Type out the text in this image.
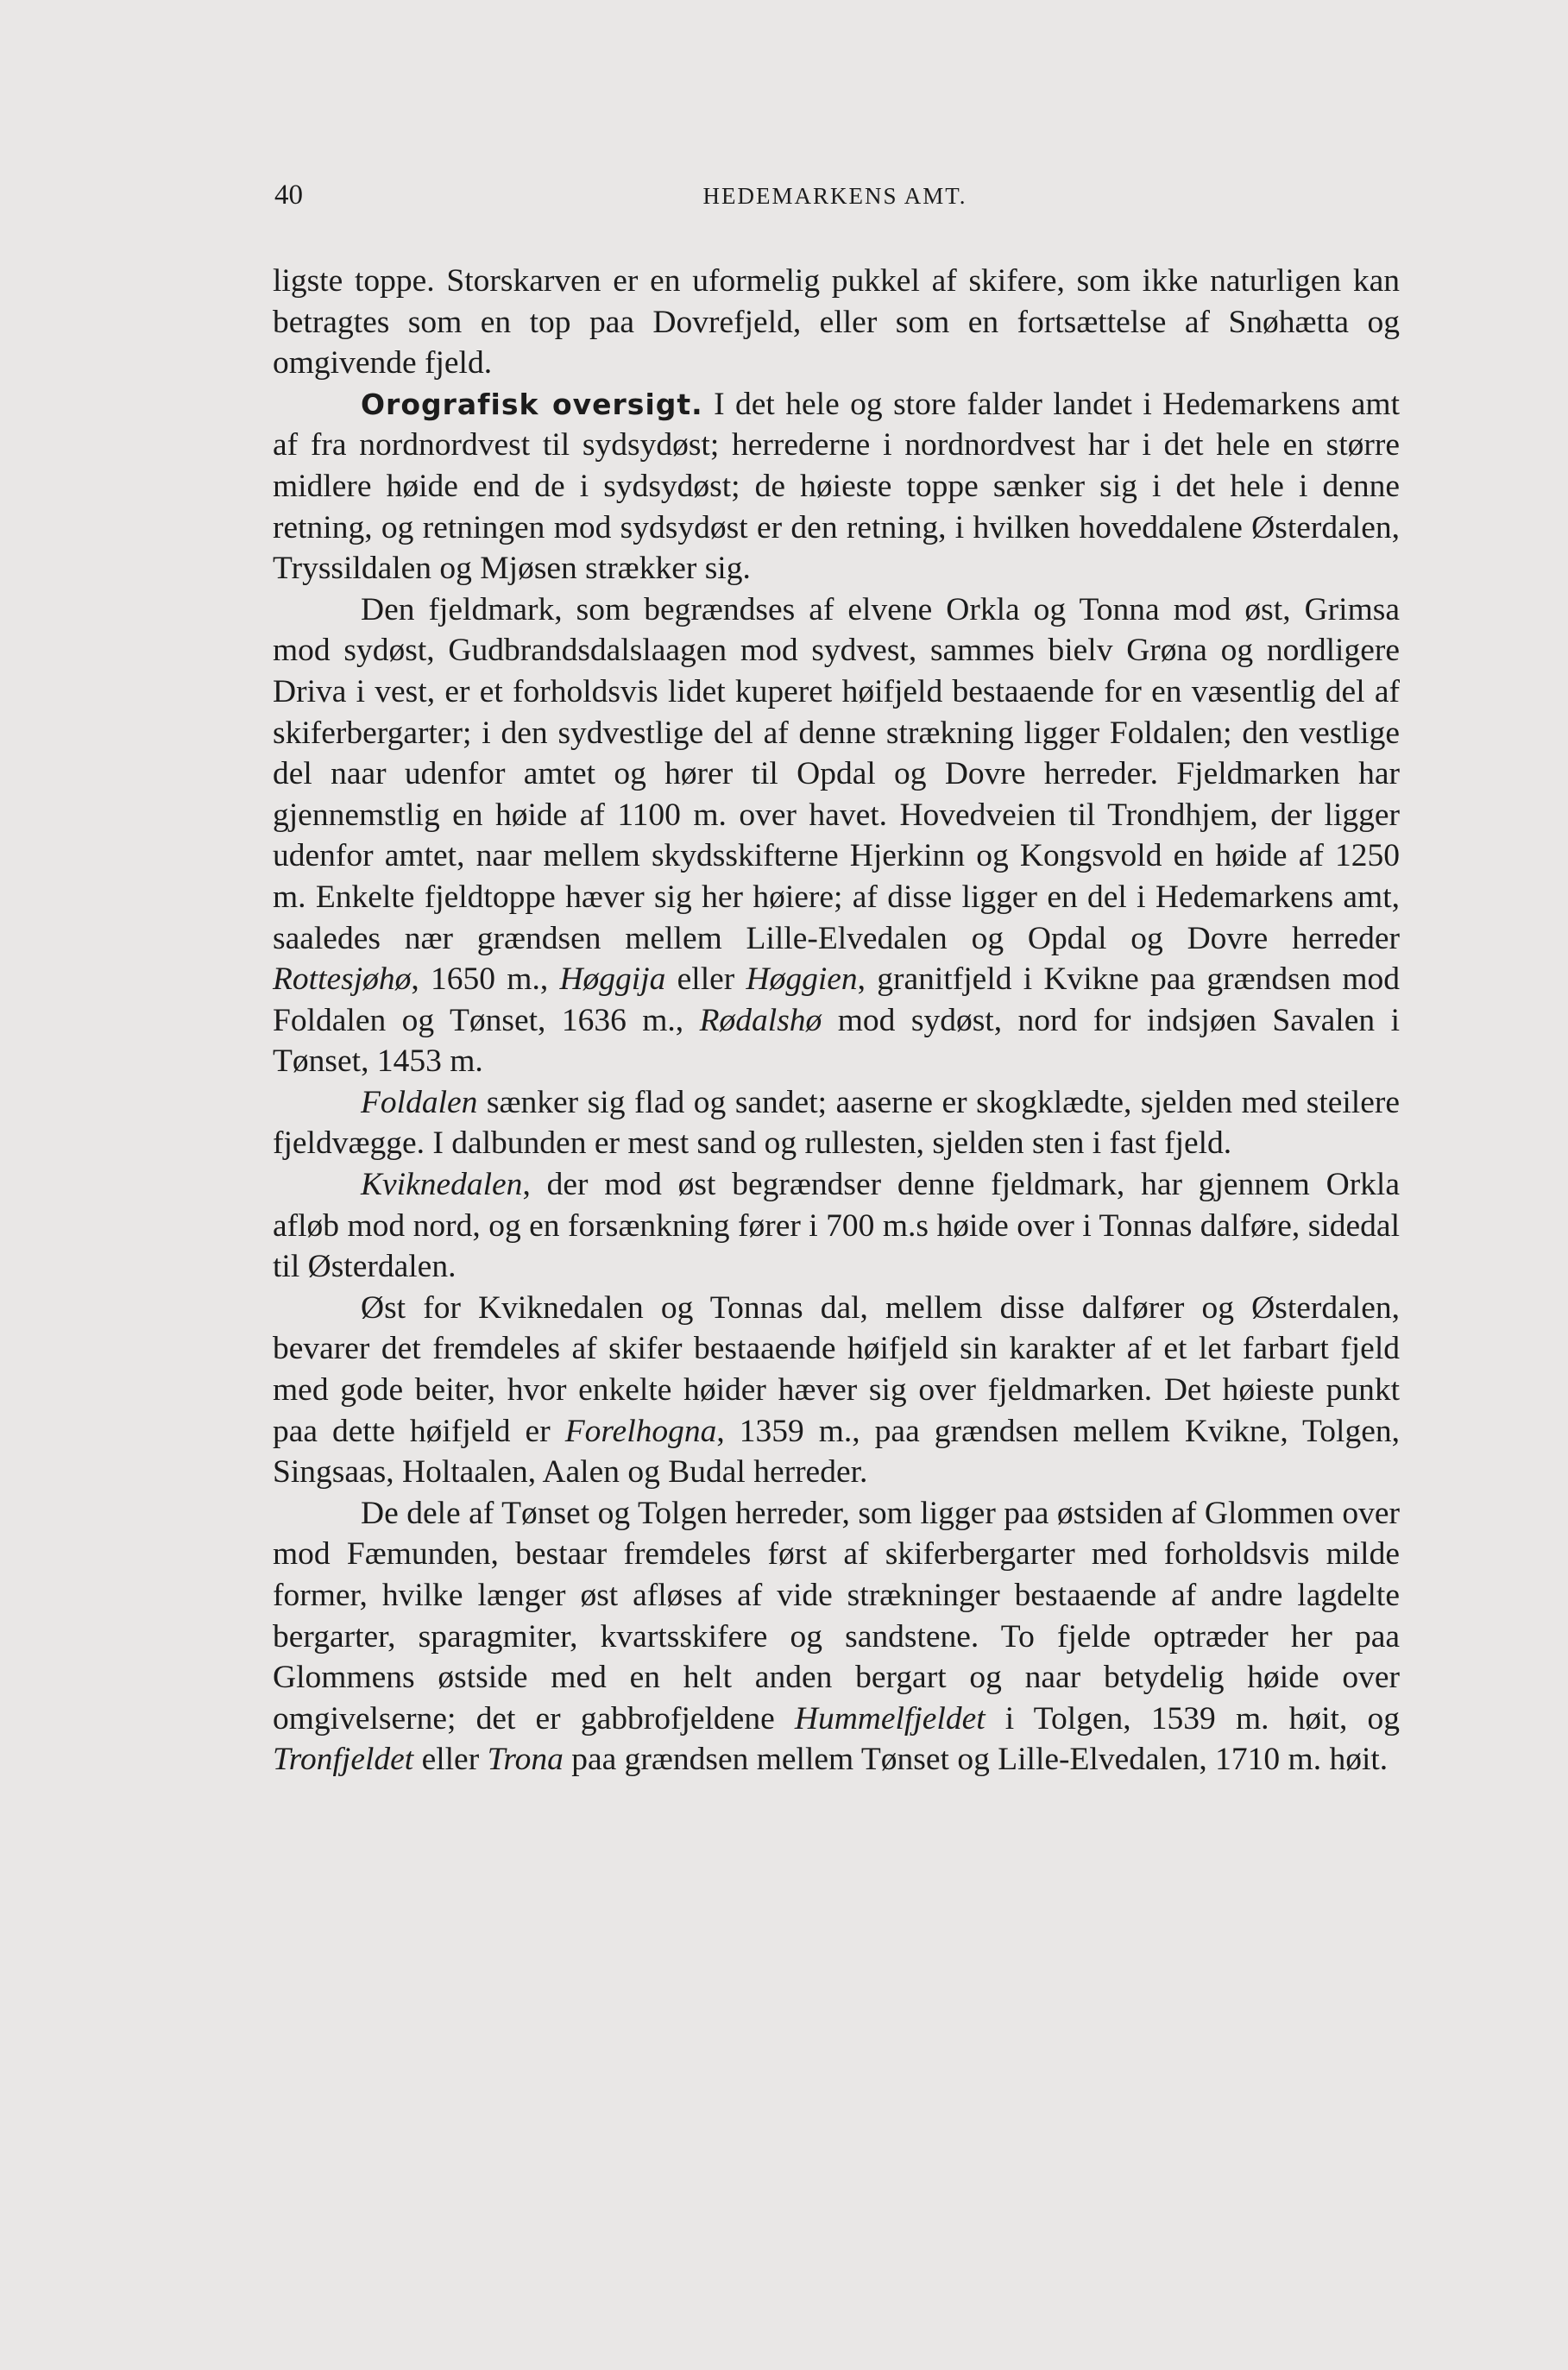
40	HEDEMARKENS AMT.

ligste toppe. Storskarven er en uformelig pukkel af skifere, som ikke naturligen kan betragtes som en top paa Dovrefjeld, eller som en fortsættelse af Snøhætta og omgivende fjeld.

Orografisk oversigt. I det hele og store falder landet i Hedemarkens amt af fra nordnordvest til sydsydøst; herrederne i nordnordvest har i det hele en større midlere høide end de i sydsydøst; de høieste toppe sænker sig i det hele i denne retning, og retningen mod sydsydøst er den retning, i hvilken hoveddalene Østerdalen, Tryssildalen og Mjøsen strækker sig.

Den fjeldmark, som begrændses af elvene Orkla og Tonna mod øst, Grimsa mod sydøst, Gudbrandsdalslaagen mod sydvest, sammes bielv Grøna og nordligere Driva i vest, er et forholdsvis lidet kuperet høifjeld bestaaende for en væsentlig del af skiferbergarter; i den sydvestlige del af denne strækning ligger Foldalen; den vestlige del naar udenfor amtet og hører til Opdal og Dovre herreder. Fjeldmarken har gjennemstlig en høide af 1100 m. over havet. Hovedveien til Trondhjem, der ligger udenfor amtet, naar mellem skydsskifterne Hjerkinn og Kongsvold en høide af 1250 m. Enkelte fjeldtoppe hæver sig her høiere; af disse ligger en del i Hedemarkens amt, saaledes nær grændsen mellem Lille-Elvedalen og Opdal og Dovre herreder Rottesjøhø, 1650 m., Høggija eller Høggien, granitfjeld i Kvikne paa grændsen mod Foldalen og Tønset, 1636 m., Rødalshø mod sydøst, nord for indsjøen Savalen i Tønset, 1453 m.

Foldalen sænker sig flad og sandet; aaserne er skogklædte, sjelden med steilere fjeldvægge. I dalbunden er mest sand og rullesten, sjelden sten i fast fjeld.

Kviknedalen, der mod øst begrændser denne fjeldmark, har gjennem Orkla afløb mod nord, og en forsænkning fører i 700 m.s høide over i Tonnas dalføre, sidedal til Østerdalen.

Øst for Kviknedalen og Tonnas dal, mellem disse dalfører og Østerdalen, bevarer det fremdeles af skifer bestaaende høifjeld sin karakter af et let farbart fjeld med gode beiter, hvor enkelte høider hæver sig over fjeldmarken. Det høieste punkt paa dette høifjeld er Forelhogna, 1359 m., paa grændsen mellem Kvikne, Tolgen, Singsaas, Holtaalen, Aalen og Budal herreder.

De dele af Tønset og Tolgen herreder, som ligger paa østsiden af Glommen over mod Fæmunden, bestaar fremdeles først af skiferbergarter med forholdsvis milde former, hvilke længer øst afløses af vide strækninger bestaaende af andre lagdelte bergarter, sparagmiter, kvartsskifere og sandstene. To fjelde optræder her paa Glommens østside med en helt anden bergart og naar betydelig høide over omgivelserne; det er gabbrofjeldene Hummelfjeldet i Tolgen, 1539 m. høit, og Tronfjeldet eller Trona paa grændsen mellem Tønset og Lille-Elvedalen, 1710 m. høit.
